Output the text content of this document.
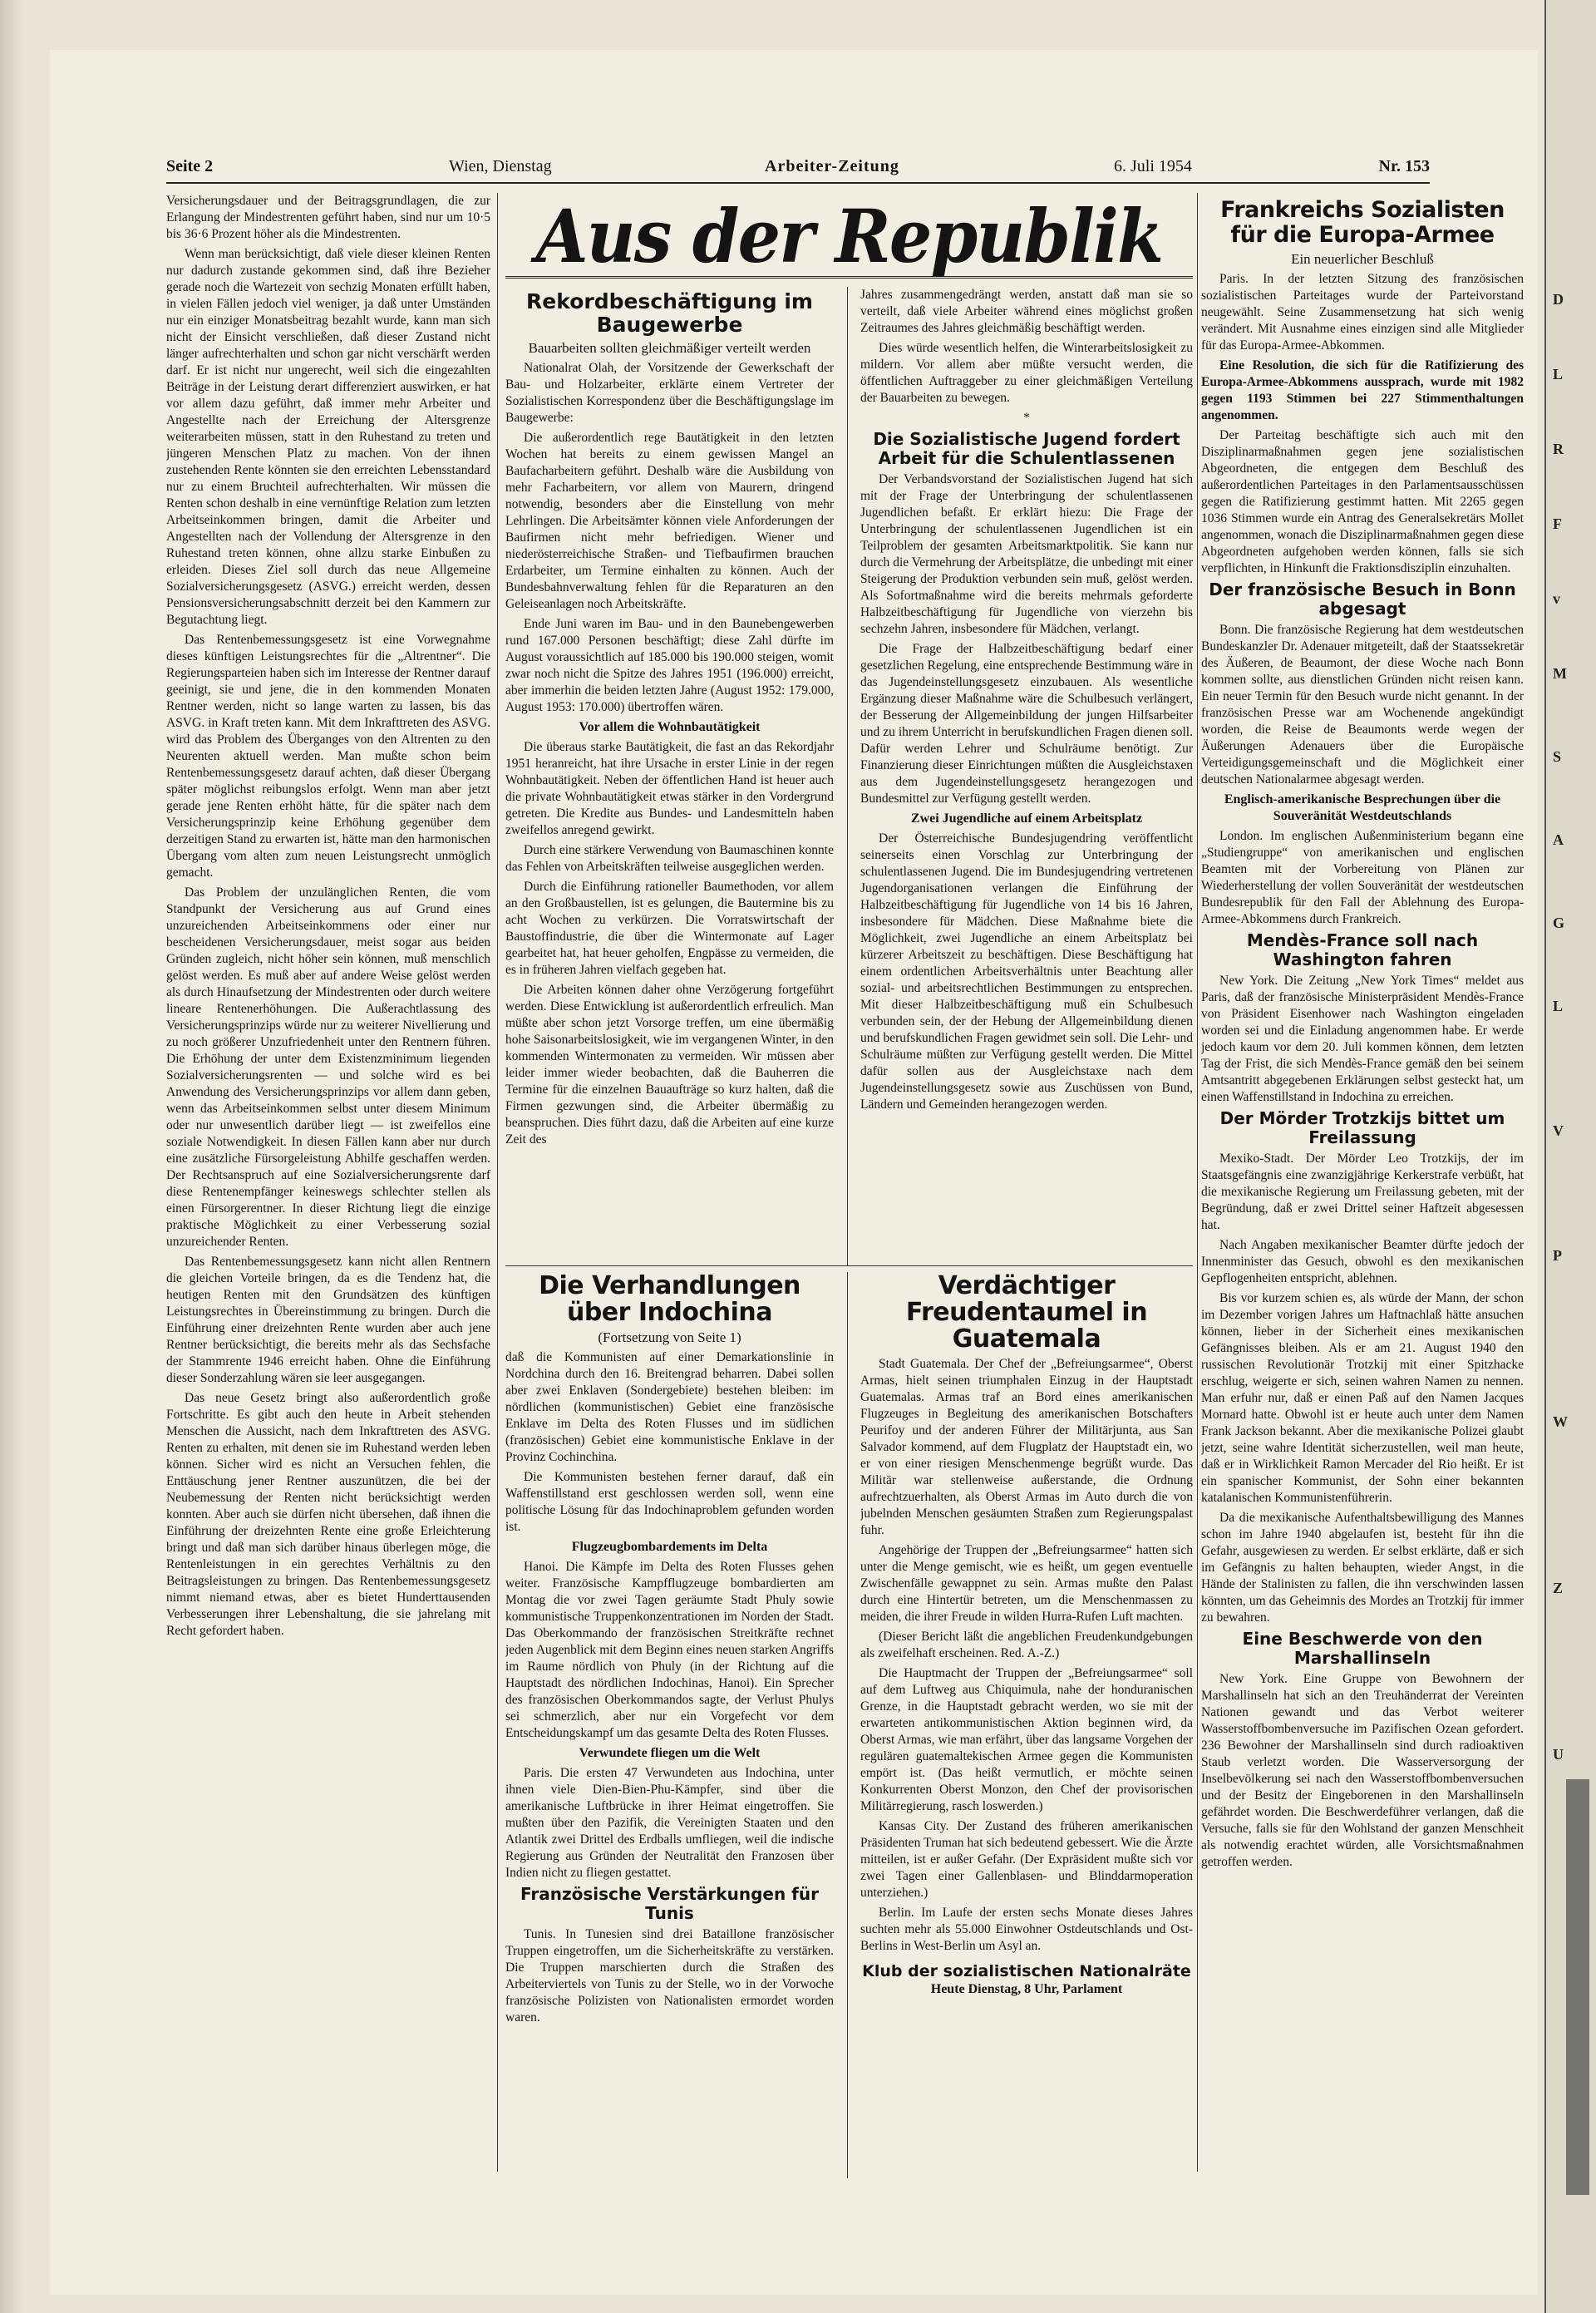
D
L
R
F
v
M
S
A
G
L
V
P
W
Z
U
Seite 2	Wien, Dienstag	Arbeiter-Zeitung	6. Juli 1954	Nr. 153
Aus der Republik

Versicherungsdauer und der Beitragsgrundlagen, die zur Erlangung der Mindestrenten geführt haben, sind nur um 10·5 bis 36·6 Prozent höher als die Mindestrenten.

Wenn man berücksichtigt, daß viele dieser kleinen Renten nur dadurch zustande gekommen sind, daß ihre Bezieher gerade noch die Wartezeit von sechzig Monaten erfüllt haben, in vielen Fällen jedoch viel weniger, ja daß unter Umständen nur ein einziger Monatsbeitrag bezahlt wurde, kann man sich nicht der Einsicht verschließen, daß dieser Zustand nicht länger aufrechterhalten und schon gar nicht verschärft werden darf. Er ist nicht nur ungerecht, weil sich die eingezahlten Beiträge in der Leistung derart differenziert auswirken, er hat vor allem dazu geführt, daß immer mehr Arbeiter und Angestellte nach der Erreichung der Altersgrenze weiterarbeiten müssen, statt in den Ruhestand zu treten und jüngeren Menschen Platz zu machen. Von der ihnen zustehenden Rente könnten sie den erreichten Lebensstandard nur zu einem Bruchteil aufrechterhalten. Wir müssen die Renten schon deshalb in eine vernünftige Relation zum letzten Arbeitseinkommen bringen, damit die Arbeiter und Angestellten nach der Vollendung der Altersgrenze in den Ruhestand treten können, ohne allzu starke Einbußen zu erleiden. Dieses Ziel soll durch das neue Allgemeine Sozialversicherungsgesetz (ASVG.) erreicht werden, dessen Pensionsversicherungsabschnitt derzeit bei den Kammern zur Begutachtung liegt.

Das Rentenbemessungsgesetz ist eine Vorwegnahme dieses künftigen Leistungsrechtes für die „Altrentner“. Die Regierungsparteien haben sich im Interesse der Rentner darauf geeinigt, sie und jene, die in den kommenden Monaten Rentner werden, nicht so lange warten zu lassen, bis das ASVG. in Kraft treten kann. Mit dem Inkrafttreten des ASVG. wird das Problem des Überganges von den Altrenten zu den Neurenten aktuell werden. Man mußte schon beim Rentenbemessungsgesetz darauf achten, daß dieser Übergang später möglichst reibungslos erfolgt. Wenn man aber jetzt gerade jene Renten erhöht hätte, für die später nach dem Versicherungsprinzip keine Erhöhung gegenüber dem derzeitigen Stand zu erwarten ist, hätte man den harmonischen Übergang vom alten zum neuen Leistungsrecht unmöglich gemacht.

Das Problem der unzulänglichen Renten, die vom Standpunkt der Versicherung aus auf Grund eines unzureichenden Arbeitseinkommens oder einer nur bescheidenen Versicherungsdauer, meist sogar aus beiden Gründen zugleich, nicht höher sein können, muß menschlich gelöst werden. Es muß aber auf andere Weise gelöst werden als durch Hinaufsetzung der Mindestrenten oder durch weitere lineare Rentenerhöhungen. Die Außerachtlassung des Versicherungsprinzips würde nur zu weiterer Nivellierung und zu noch größerer Unzufriedenheit unter den Rentnern führen. Die Erhöhung der unter dem Existenzminimum liegenden Sozialversicherungsrenten — und solche wird es bei Anwendung des Versicherungsprinzips vor allem dann geben, wenn das Arbeitseinkommen selbst unter diesem Minimum oder nur unwesentlich darüber liegt — ist zweifellos eine soziale Notwendigkeit. In diesen Fällen kann aber nur durch eine zusätzliche Fürsorgeleistung Abhilfe geschaffen werden. Der Rechtsanspruch auf eine Sozialversicherungsrente darf diese Rentenempfänger keineswegs schlechter stellen als einen Fürsorgerentner. In dieser Richtung liegt die einzige praktische Möglichkeit zu einer Verbesserung sozial unzureichender Renten.

Das Rentenbemessungsgesetz kann nicht allen Rentnern die gleichen Vorteile bringen, da es die Tendenz hat, die heutigen Renten mit den Grundsätzen des künftigen Leistungsrechtes in Übereinstimmung zu bringen. Durch die Einführung einer dreizehnten Rente wurden aber auch jene Rentner berücksichtigt, die bereits mehr als das Sechsfache der Stammrente 1946 erreicht haben. Ohne die Einführung dieser Sonderzahlung wären sie leer ausgegangen.

Das neue Gesetz bringt also außerordentlich große Fortschritte. Es gibt auch den heute in Arbeit stehenden Menschen die Aussicht, nach dem Inkrafttreten des ASVG. Renten zu erhalten, mit denen sie im Ruhestand werden leben können. Sicher wird es nicht an Versuchen fehlen, die Enttäuschung jener Rentner auszunützen, die bei der Neubemessung der Renten nicht berücksichtigt werden konnten. Aber auch sie dürfen nicht übersehen, daß ihnen die Einführung der dreizehnten Rente eine große Erleichterung bringt und daß man sich darüber hinaus überlegen möge, die Rentenleistungen in ein gerechtes Verhältnis zu den Beitragsleistungen zu bringen. Das Rentenbemessungsgesetz nimmt niemand etwas, aber es bietet Hunderttausenden Verbesserungen ihrer Lebenshaltung, die sie jahrelang mit Recht gefordert haben.

Rekordbeschäftigung im Baugewerbe

Bauarbeiten sollten gleichmäßiger verteilt werden

Nationalrat Olah, der Vorsitzende der Gewerkschaft der Bau- und Holzarbeiter, erklärte einem Vertreter der Sozialistischen Korrespondenz über die Beschäftigungslage im Baugewerbe:

Die außerordentlich rege Bautätigkeit in den letzten Wochen hat bereits zu einem gewissen Mangel an Baufacharbeitern geführt. Deshalb wäre die Ausbildung von mehr Facharbeitern, vor allem von Maurern, dringend notwendig, besonders aber die Einstellung von mehr Lehrlingen. Die Arbeitsämter können viele Anforderungen der Baufirmen nicht mehr befriedigen. Wiener und niederösterreichische Straßen- und Tiefbaufirmen brauchen Erdarbeiter, um Termine einhalten zu können. Auch der Bundesbahnverwaltung fehlen für die Reparaturen an den Geleiseanlagen noch Arbeitskräfte.

Ende Juni waren im Bau- und in den Baunebengewerben rund 167.000 Personen beschäftigt; diese Zahl dürfte im August voraussichtlich auf 185.000 bis 190.000 steigen, womit zwar noch nicht die Spitze des Jahres 1951 (196.000) erreicht, aber immerhin die beiden letzten Jahre (August 1952: 179.000, August 1953: 170.000) übertroffen wären.

Vor allem die Wohnbautätigkeit

Die überaus starke Bautätigkeit, die fast an das Rekordjahr 1951 heranreicht, hat ihre Ursache in erster Linie in der regen Wohnbautätigkeit. Neben der öffentlichen Hand ist heuer auch die private Wohnbautätigkeit etwas stärker in den Vordergrund getreten. Die Kredite aus Bundes- und Landesmitteln haben zweifellos anregend gewirkt.

Durch eine stärkere Verwendung von Baumaschinen konnte das Fehlen von Arbeitskräften teilweise ausgeglichen werden.

Durch die Einführung rationeller Baumethoden, vor allem an den Großbaustellen, ist es gelungen, die Bautermine bis zu acht Wochen zu verkürzen. Die Vorratswirtschaft der Baustoffindustrie, die über die Wintermonate auf Lager gearbeitet hat, hat heuer geholfen, Engpässe zu vermeiden, die es in früheren Jahren vielfach gegeben hat.

Die Arbeiten können daher ohne Verzögerung fortgeführt werden. Diese Entwicklung ist außerordentlich erfreulich. Man müßte aber schon jetzt Vorsorge treffen, um eine übermäßig hohe Saisonarbeitslosigkeit, wie im vergangenen Winter, in den kommenden Wintermonaten zu vermeiden. Wir müssen aber leider immer wieder beobachten, daß die Bauherren die Termine für die einzelnen Bauaufträge so kurz halten, daß die Firmen gezwungen sind, die Arbeiter übermäßig zu beanspruchen. Dies führt dazu, daß die Arbeiten auf eine kurze Zeit des

Jahres zusammengedrängt werden, anstatt daß man sie so verteilt, daß viele Arbeiter während eines möglichst großen Zeitraumes des Jahres gleichmäßig beschäftigt werden.

Dies würde wesentlich helfen, die Winterarbeitslosigkeit zu mildern. Vor allem aber müßte versucht werden, die öffentlichen Auftraggeber zu einer gleichmäßigen Verteilung der Bauarbeiten zu bewegen.

*

Die Sozialistische Jugend fordert Arbeit für die Schulentlassenen

Der Verbandsvorstand der Sozialistischen Jugend hat sich mit der Frage der Unterbringung der schulentlassenen Jugendlichen befaßt. Er erklärt hiezu: Die Frage der Unterbringung der schulentlassenen Jugendlichen ist ein Teilproblem der gesamten Arbeitsmarktpolitik. Sie kann nur durch die Vermehrung der Arbeitsplätze, die unbedingt mit einer Steigerung der Produktion verbunden sein muß, gelöst werden. Als Sofortmaßnahme wird die bereits mehrmals geforderte Halbzeitbeschäftigung für Jugendliche von vierzehn bis sechzehn Jahren, insbesondere für Mädchen, verlangt.

Die Frage der Halbzeitbeschäftigung bedarf einer gesetzlichen Regelung, eine entsprechende Bestimmung wäre in das Jugendeinstellungsgesetz einzubauen. Als wesentliche Ergänzung dieser Maßnahme wäre die Schulbesuch verlängert, der Besserung der Allgemeinbildung der jungen Hilfsarbeiter und zu ihrem Unterricht in berufskundlichen Fragen dienen soll. Dafür werden Lehrer und Schulräume benötigt. Zur Finanzierung dieser Einrichtungen müßten die Ausgleichstaxen aus dem Jugendeinstellungsgesetz herangezogen und Bundesmittel zur Verfügung gestellt werden.

Zwei Jugendliche auf einem Arbeitsplatz

Der Österreichische Bundesjugendring veröffentlicht seinerseits einen Vorschlag zur Unterbringung der schulentlassenen Jugend. Die im Bundesjugendring vertretenen Jugendorganisationen verlangen die Einführung der Halbzeitbeschäftigung für Jugendliche von 14 bis 16 Jahren, insbesondere für Mädchen. Diese Maßnahme biete die Möglichkeit, zwei Jugendliche an einem Arbeitsplatz bei kürzerer Arbeitszeit zu beschäftigen. Diese Beschäftigung hat einem ordentlichen Arbeitsverhältnis unter Beachtung aller sozial- und arbeitsrechtlichen Bestimmungen zu entsprechen. Mit dieser Halbzeitbeschäftigung muß ein Schulbesuch verbunden sein, der der Hebung der Allgemeinbildung dienen und berufskundlichen Fragen gewidmet sein soll. Die Lehr- und Schulräume müßten zur Verfügung gestellt werden. Die Mittel dafür sollen aus der Ausgleichstaxe nach dem Jugendeinstellungsgesetz sowie aus Zuschüssen von Bund, Ländern und Gemeinden herangezogen werden.

Die Verhandlungen über Indochina

(Fortsetzung von Seite 1)

daß die Kommunisten auf einer Demarkationslinie in Nordchina durch den 16. Breitengrad beharren. Dabei sollen aber zwei Enklaven (Sondergebiete) bestehen bleiben: im nördlichen (kommunistischen) Gebiet eine französische Enklave im Delta des Roten Flusses und im südlichen (französischen) Gebiet eine kommunistische Enklave in der Provinz Cochinchina.

Die Kommunisten bestehen ferner darauf, daß ein Waffenstillstand erst geschlossen werden soll, wenn eine politische Lösung für das Indochinaproblem gefunden worden ist.

Flugzeugbombardements im Delta

Hanoi. Die Kämpfe im Delta des Roten Flusses gehen weiter. Französische Kampfflugzeuge bombardierten am Montag die vor zwei Tagen geräumte Stadt Phuly sowie kommunistische Truppenkonzentrationen im Norden der Stadt. Das Oberkommando der französischen Streitkräfte rechnet jeden Augenblick mit dem Beginn eines neuen starken Angriffs im Raume nördlich von Phuly (in der Richtung auf die Hauptstadt des nördlichen Indochinas, Hanoi). Ein Sprecher des französischen Oberkommandos sagte, der Verlust Phulys sei schmerzlich, aber nur ein Vorgefecht vor dem Entscheidungskampf um das gesamte Delta des Roten Flusses.

Verwundete fliegen um die Welt

Paris. Die ersten 47 Verwundeten aus Indochina, unter ihnen viele Dien-Bien-Phu-Kämpfer, sind über die amerikanische Luftbrücke in ihrer Heimat eingetroffen. Sie mußten über den Pazifik, die Vereinigten Staaten und den Atlantik zwei Drittel des Erdballs umfliegen, weil die indische Regierung aus Gründen der Neutralität den Franzosen über Indien nicht zu fliegen gestattet.

Französische Verstärkungen für Tunis

Tunis. In Tunesien sind drei Bataillone französischer Truppen eingetroffen, um die Sicherheitskräfte zu verstärken. Die Truppen marschierten durch die Straßen des Arbeiterviertels von Tunis zu der Stelle, wo in der Vorwoche französische Polizisten von Nationalisten ermordet worden waren.

Verdächtiger Freudentaumel in Guatemala

Stadt Guatemala. Der Chef der „Befreiungsarmee“, Oberst Armas, hielt seinen triumphalen Einzug in der Hauptstadt Guatemalas. Armas traf an Bord eines amerikanischen Flugzeuges in Begleitung des amerikanischen Botschafters Peurifoy und der anderen Führer der Militärjunta, aus San Salvador kommend, auf dem Flugplatz der Hauptstadt ein, wo er von einer riesigen Menschenmenge begrüßt wurde. Das Militär war stellenweise außerstande, die Ordnung aufrechtzuerhalten, als Oberst Armas im Auto durch die von jubelnden Menschen gesäumten Straßen zum Regierungspalast fuhr.

Angehörige der Truppen der „Befreiungsarmee“ hatten sich unter die Menge gemischt, wie es heißt, um gegen eventuelle Zwischenfälle gewappnet zu sein. Armas mußte den Palast durch eine Hintertür betreten, um die Menschenmassen zu meiden, die ihrer Freude in wilden Hurra-Rufen Luft machten.

(Dieser Bericht läßt die angeblichen Freudenkundgebungen als zweifelhaft erscheinen. Red. A.-Z.)

Die Hauptmacht der Truppen der „Befreiungsarmee“ soll auf dem Luftweg aus Chiquimula, nahe der honduranischen Grenze, in die Hauptstadt gebracht werden, wo sie mit der erwarteten antikommunistischen Aktion beginnen wird, da Oberst Armas, wie man erfährt, über das langsame Vorgehen der regulären guatemaltekischen Armee gegen die Kommunisten empört ist. (Das heißt vermutlich, er möchte seinen Konkurrenten Oberst Monzon, den Chef der provisorischen Militärregierung, rasch loswerden.)

Kansas City. Der Zustand des früheren amerikanischen Präsidenten Truman hat sich bedeutend gebessert. Wie die Ärzte mitteilen, ist er außer Gefahr. (Der Expräsident mußte sich vor zwei Tagen einer Gallenblasen- und Blinddarmoperation unterziehen.)

Berlin. Im Laufe der ersten sechs Monate dieses Jahres suchten mehr als 55.000 Einwohner Ostdeutschlands und Ost-Berlins in West-Berlin um Asyl an.

Klub der sozialistischen Nationalräte
Heute Dienstag, 8 Uhr, Parlament
Frankreichs Sozialisten für die Europa-Armee

Ein neuerlicher Beschluß

Paris. In der letzten Sitzung des französischen sozialistischen Parteitages wurde der Parteivorstand neugewählt. Seine Zusammensetzung hat sich wenig verändert. Mit Ausnahme eines einzigen sind alle Mitglieder für das Europa-Armee-Abkommen.

Eine Resolution, die sich für die Ratifizierung des Europa-Armee-Abkommens aussprach, wurde mit 1982 gegen 1193 Stimmen bei 227 Stimmenthaltungen angenommen.

Der Parteitag beschäftigte sich auch mit den Disziplinarmaßnahmen gegen jene sozialistischen Abgeordneten, die entgegen dem Beschluß des außerordentlichen Parteitages in den Parlamentsausschüssen gegen die Ratifizierung gestimmt hatten. Mit 2265 gegen 1036 Stimmen wurde ein Antrag des Generalsekretärs Mollet angenommen, wonach die Disziplinarmaßnahmen gegen diese Abgeordneten aufgehoben werden können, falls sie sich verpflichten, in Hinkunft die Fraktionsdisziplin einzuhalten.

Der französische Besuch in Bonn abgesagt

Bonn. Die französische Regierung hat dem westdeutschen Bundeskanzler Dr. Adenauer mitgeteilt, daß der Staatssekretär des Äußeren, de Beaumont, der diese Woche nach Bonn kommen sollte, aus dienstlichen Gründen nicht reisen kann. Ein neuer Termin für den Besuch wurde nicht genannt. In der französischen Presse war am Wochenende angekündigt worden, die Reise de Beaumonts werde wegen der Äußerungen Adenauers über die Europäische Verteidigungsgemeinschaft und die Möglichkeit einer deutschen Nationalarmee abgesagt werden.

Englisch-amerikanische Besprechungen über die Souveränität Westdeutschlands

London. Im englischen Außenministerium begann eine „Studiengruppe“ von amerikanischen und englischen Beamten mit der Vorbereitung von Plänen zur Wiederherstellung der vollen Souveränität der westdeutschen Bundesrepublik für den Fall der Ablehnung des Europa-Armee-Abkommens durch Frankreich.

Mendès-France soll nach Washington fahren

New York. Die Zeitung „New York Times“ meldet aus Paris, daß der französische Ministerpräsident Mendès-France von Präsident Eisenhower nach Washington eingeladen worden sei und die Einladung angenommen habe. Er werde jedoch kaum vor dem 20. Juli kommen können, dem letzten Tag der Frist, die sich Mendès-France gemäß den bei seinem Amtsantritt abgegebenen Erklärungen selbst gesteckt hat, um einen Waffenstillstand in Indochina zu erreichen.

Der Mörder Trotzkijs bittet um Freilassung

Mexiko-Stadt. Der Mörder Leo Trotzkijs, der im Staatsgefängnis eine zwanzigjährige Kerkerstrafe verbüßt, hat die mexikanische Regierung um Freilassung gebeten, mit der Begründung, daß er zwei Drittel seiner Haftzeit abgesessen hat.

Nach Angaben mexikanischer Beamter dürfte jedoch der Innenminister das Gesuch, obwohl es den mexikanischen Gepflogenheiten entspricht, ablehnen.

Bis vor kurzem schien es, als würde der Mann, der schon im Dezember vorigen Jahres um Haftnachlaß hätte ansuchen können, lieber in der Sicherheit eines mexikanischen Gefängnisses bleiben. Als er am 21. August 1940 den russischen Revolutionär Trotzkij mit einer Spitzhacke erschlug, weigerte er sich, seinen wahren Namen zu nennen. Man erfuhr nur, daß er einen Paß auf den Namen Jacques Mornard hatte. Obwohl ist er heute auch unter dem Namen Frank Jackson bekannt. Aber die mexikanische Polizei glaubt jetzt, seine wahre Identität sicherzustellen, weil man heute, daß er in Wirklichkeit Ramon Mercader del Rio heißt. Er ist ein spanischer Kommunist, der Sohn einer bekannten katalanischen Kommunistenführerin.

Da die mexikanische Aufenthaltsbewilligung des Mannes schon im Jahre 1940 abgelaufen ist, besteht für ihn die Gefahr, ausgewiesen zu werden. Er selbst erklärte, daß er sich im Gefängnis zu halten behaupten, wieder Angst, in die Hände der Stalinisten zu fallen, die ihn verschwinden lassen könnten, um das Geheimnis des Mordes an Trotzkij für immer zu bewahren.

Eine Beschwerde von den Marshallinseln

New York. Eine Gruppe von Bewohnern der Marshallinseln hat sich an den Treuhänderrat der Vereinten Nationen gewandt und das Verbot weiterer Wasserstoffbombenversuche im Pazifischen Ozean gefordert. 236 Bewohner der Marshallinseln sind durch radioaktiven Staub verletzt worden. Die Wasserversorgung der Inselbevölkerung sei nach den Wasserstoffbombenversuchen und der Besitz der Eingeborenen in den Marshallinseln gefährdet worden. Die Beschwerdeführer verlangen, daß die Versuche, falls sie für den Wohlstand der ganzen Menschheit als notwendig erachtet würden, alle Vorsichtsmaßnahmen getroffen werden.
